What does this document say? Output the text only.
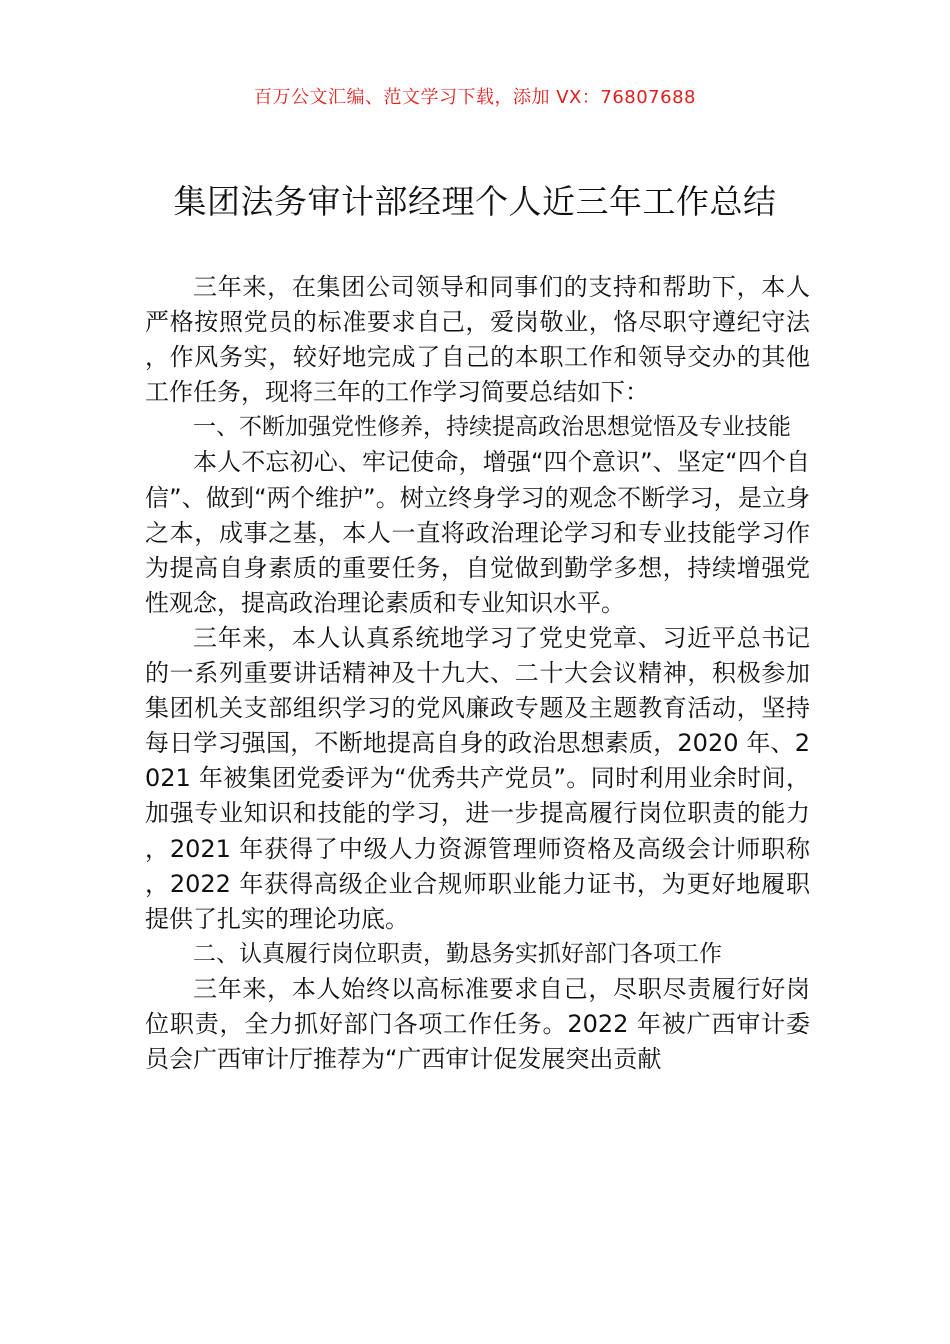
百万公文汇编、范文学习下载，添加 VX：76807688
集团法务审计部经理个人近三年工作总结

三年来，在集团公司领导和同事们的支持和帮助下，本人严格按照党员的标准要求自己，爱岗敬业，恪尽职守遵纪守法，作风务实，较好地完成了自己的本职工作和领导交办的其他工作任务，现将三年的工作学习简要总结如下：

一、不断加强党性修养，持续提高政治思想觉悟及专业技能

本人不忘初心、牢记使命，增强“四个意识”、坚定“四个自信”、做到“两个维护”。树立终身学习的观念不断学习，是立身之本，成事之基，本人一直将政治理论学习和专业技能学习作为提高自身素质的重要任务，自觉做到勤学多想，持续增强党性观念，提高政治理论素质和专业知识水平。

三年来，本人认真系统地学习了党史党章、习近平总书记的一系列重要讲话精神及十九大、二十大会议精神，积极参加集团机关支部组织学习的党风廉政专题及主题教育活动，坚持每日学习强国，不断地提高自身的政治思想素质，2020 年、2021 年被集团党委评为“优秀共产党员”。同时利用业余时间，加强专业知识和技能的学习，进一步提高履行岗位职责的能力，2021 年获得了中级人力资源管理师资格及高级会计师职称，2022 年获得高级企业合规师职业能力证书，为更好地履职提供了扎实的理论功底。

二、认真履行岗位职责，勤恳务实抓好部门各项工作

三年来，本人始终以高标准要求自己，尽职尽责履行好岗位职责，全力抓好部门各项工作任务。2022 年被广西审计委员会广西审计厅推荐为“广西审计促发展突出贡献
